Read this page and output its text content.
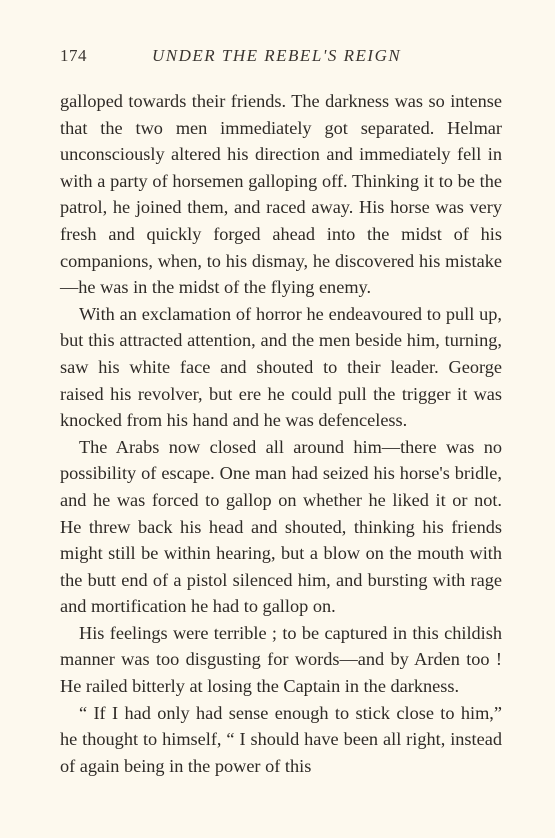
174	UNDER THE REBEL'S REIGN

galloped towards their friends. The darkness was so intense that the two men immediately got separated. Helmar unconsciously altered his direction and immediately fell in with a party of horsemen galloping off. Thinking it to be the patrol, he joined them, and raced away. His horse was very fresh and quickly forged ahead into the midst of his companions, when, to his dismay, he discovered his mistake—he was in the midst of the flying enemy.

With an exclamation of horror he endeavoured to pull up, but this attracted attention, and the men beside him, turning, saw his white face and shouted to their leader. George raised his revolver, but ere he could pull the trigger it was knocked from his hand and he was defenceless.

The Arabs now closed all around him—there was no possibility of escape. One man had seized his horse's bridle, and he was forced to gallop on whether he liked it or not. He threw back his head and shouted, thinking his friends might still be within hearing, but a blow on the mouth with the butt end of a pistol silenced him, and bursting with rage and mortification he had to gallop on.

His feelings were terrible ; to be captured in this childish manner was too disgusting for words—and by Arden too ! He railed bitterly at losing the Captain in the darkness.

“ If I had only had sense enough to stick close to him,” he thought to himself, “ I should have been all right, instead of again being in the power of this
